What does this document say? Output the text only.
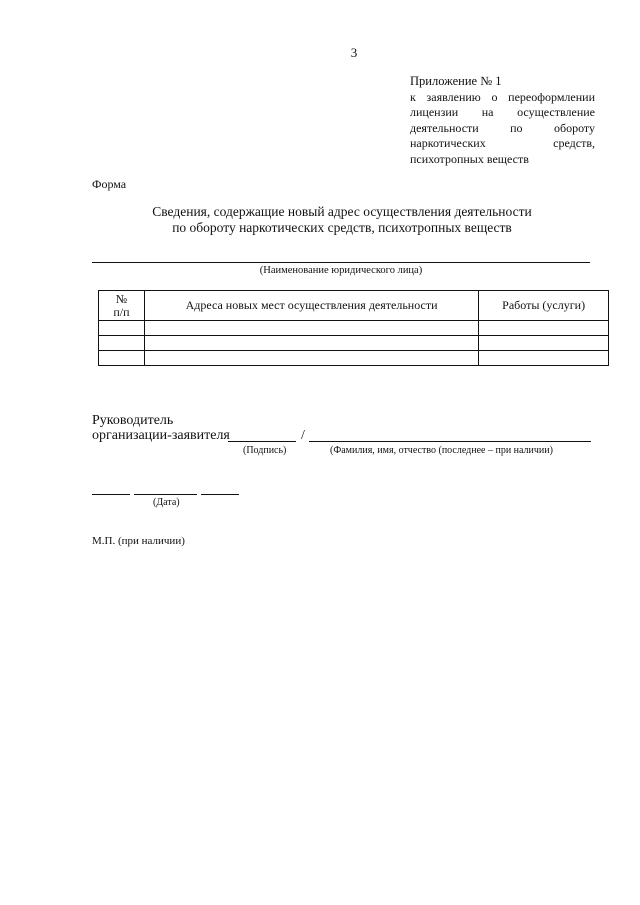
3
Приложение № 1
к заявлению о переоформлении
лицензии на осуществление
деятельности по обороту
наркотических средств,
психотропных веществ
Форма
Сведения, содержащие новый адрес осуществления деятельности
по обороту наркотических средств, психотропных веществ
(Наименование юридического лица)
№
п/п	Адреса новых мест осуществления деятельности	Работы (услуги)

Руководитель
организации-заявителя	/
(Подпись)	(Фамилия, имя, отчество (последнее – при наличии)
(Дата)
М.П. (при наличии)
